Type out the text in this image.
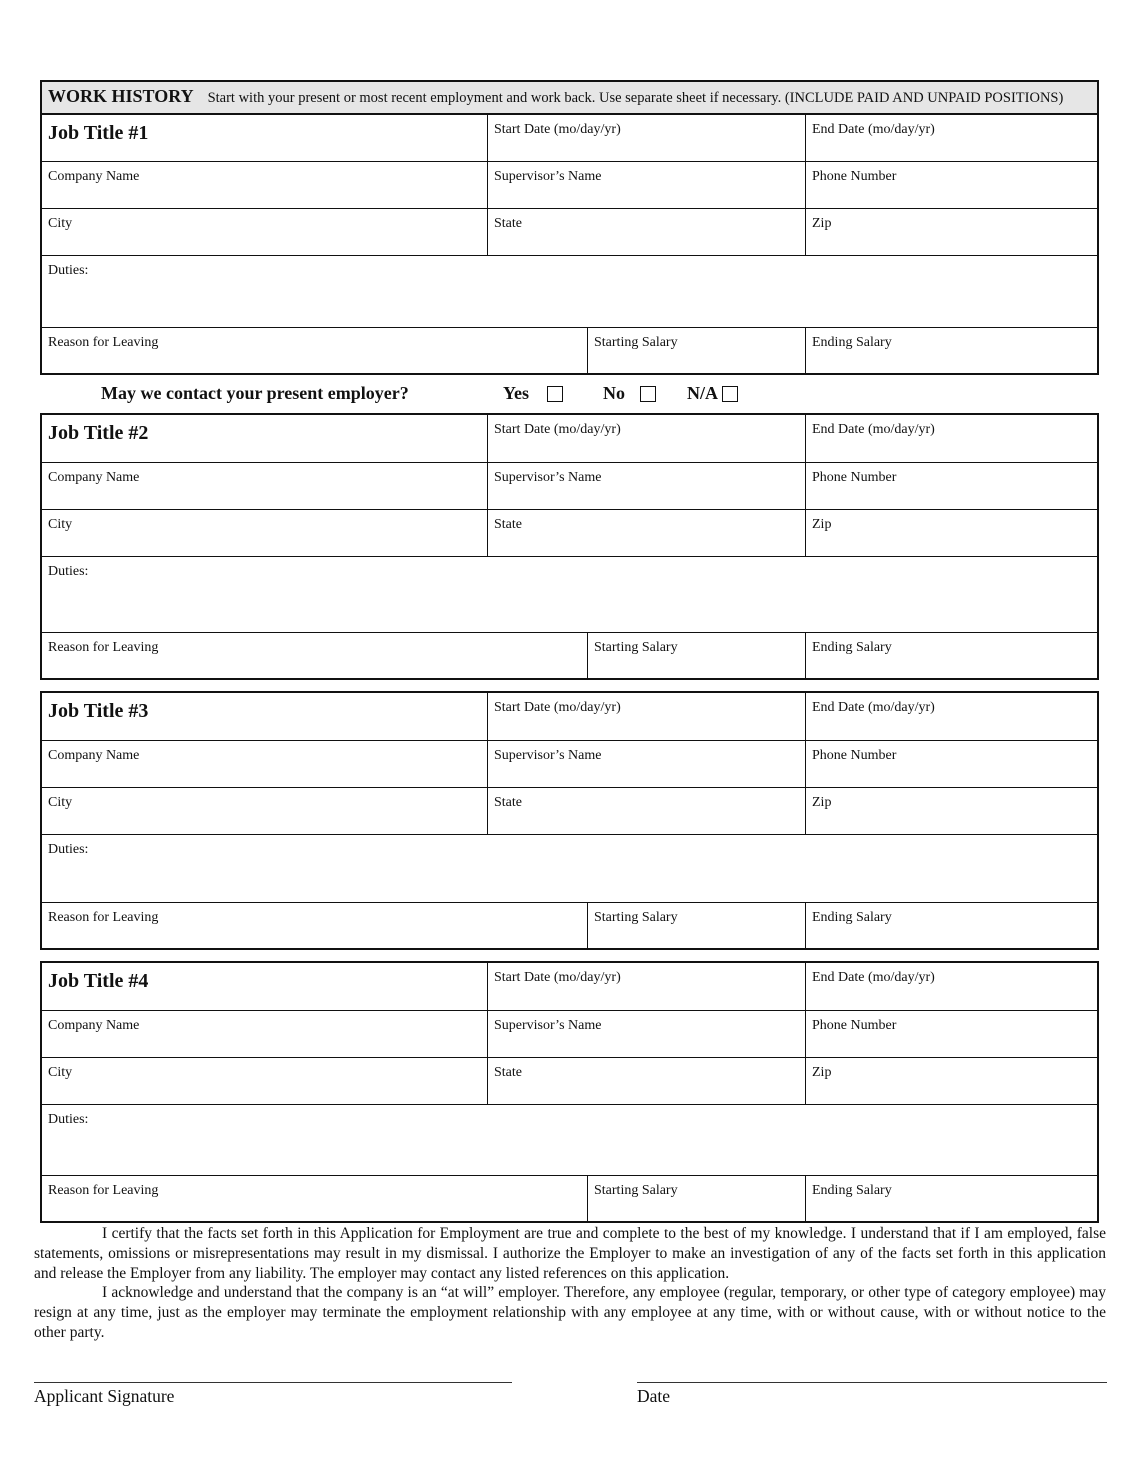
WORK HISTORY Start with your present or most recent employment and work back. Use separate sheet if necessary. (INCLUDE PAID AND UNPAID POSITIONS)
Job Title #1	Start Date (mo/day/yr)	End Date (mo/day/yr)
Company Name	Supervisor’s Name	Phone Number
City	State	Zip
Duties:
Reason for Leaving	Starting Salary	Ending Salary
Job Title #2	Start Date (mo/day/yr)	End Date (mo/day/yr)
Company Name	Supervisor’s Name	Phone Number
City	State	Zip
Duties:
Reason for Leaving	Starting Salary	Ending Salary
Job Title #3	Start Date (mo/day/yr)	End Date (mo/day/yr)
Company Name	Supervisor’s Name	Phone Number
City	State	Zip
Duties:
Reason for Leaving	Starting Salary	Ending Salary
Job Title #4	Start Date (mo/day/yr)	End Date (mo/day/yr)
Company Name	Supervisor’s Name	Phone Number
City	State	Zip
Duties:
Reason for Leaving	Starting Salary	Ending Salary
May we contact your present employer?	Yes	No	N/A

I certify that the facts set forth in this Application for Employment are true and complete to the best of my knowledge. I understand that if I am employed, false statements, omissions or misrepresentations may result in my dismissal. I authorize the Employer to make an investigation of any of the facts set forth in this application and release the Employer from any liability. The employer may contact any listed references on this application.

I acknowledge and understand that the company is an “at will” employer. Therefore, any employee (regular, temporary, or other type of category employee) may resign at any time, just as the employer may terminate the employment relationship with any employee at any time, with or without cause, with or without notice to the other party.

Applicant Signature	Date
